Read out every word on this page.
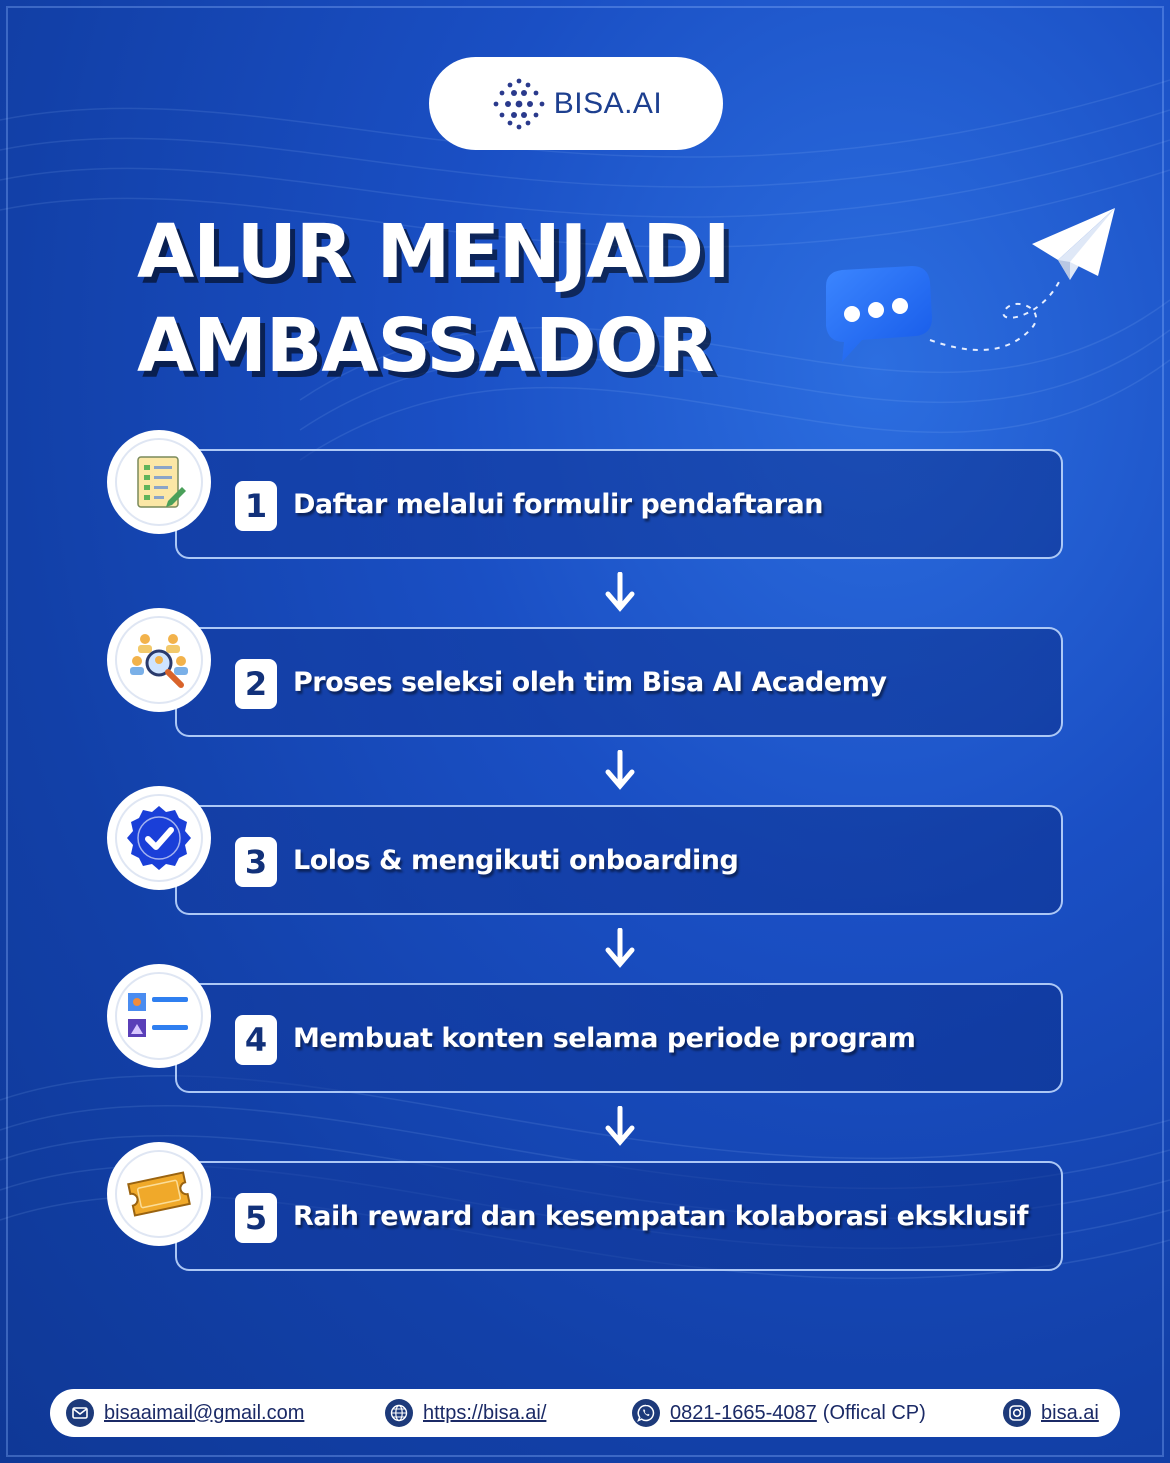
BISA.AI
ALUR MENJADI
AMBASSADOR
1 Daftar melalui formulir pendaftaran
2 Proses seleksi oleh tim Bisa AI Academy
3 Lolos & mengikuti onboarding
4 Membuat konten selama periode program
5 Raih reward dan kesempatan kolaborasi eksklusif
bisaaimail@gmail.com	https://bisa.ai/	0821-1665-4087 (Offical CP)	bisa.ai
